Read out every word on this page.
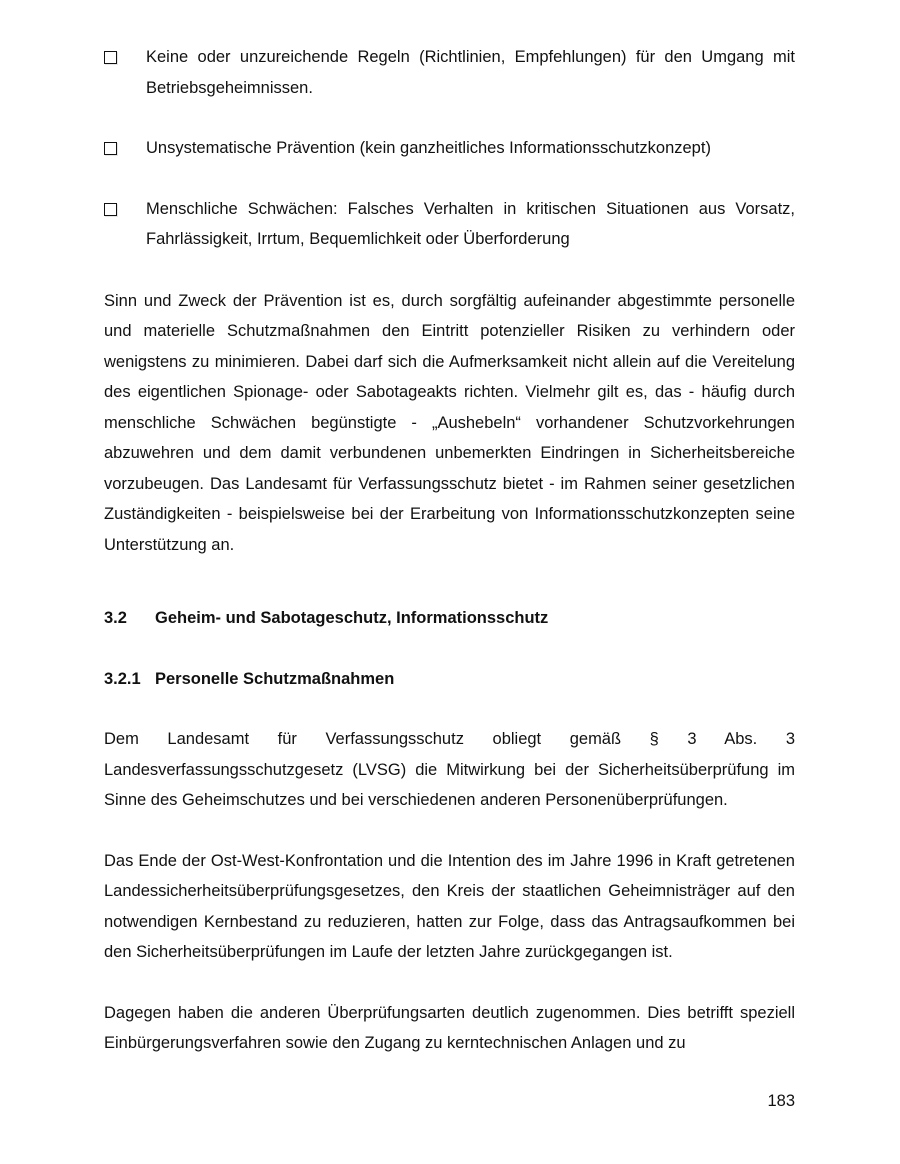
Keine oder unzureichende Regeln (Richtlinien, Empfehlungen) für den Umgang mit Betriebsgeheimnissen.
Unsystematische Prävention (kein ganzheitliches Informationsschutzkonzept)
Menschliche Schwächen: Falsches Verhalten in kritischen Situationen aus Vorsatz, Fahrlässigkeit, Irrtum, Bequemlichkeit oder Überforderung

Sinn und Zweck der Prävention ist es, durch sorgfältig aufeinander abgestimmte personelle und materielle Schutzmaßnahmen den Eintritt potenzieller Risiken zu verhindern oder wenigstens zu minimieren. Dabei darf sich die Aufmerksamkeit nicht allein auf die Vereitelung des eigentlichen Spionage- oder Sabotageakts richten. Vielmehr gilt es, das - häufig durch menschliche Schwächen begünstigte - „Aushebeln“ vorhandener Schutzvorkehrungen abzuwehren und dem damit verbundenen unbemerkten Eindringen in Sicherheitsbereiche vorzubeugen. Das Landesamt für Verfassungsschutz bietet - im Rahmen seiner gesetzlichen Zuständigkeiten - beispielsweise bei der Erarbeitung von Informationsschutzkonzepten seine Unterstützung an.

3.2	Geheim- und Sabotageschutz, Informationsschutz
3.2.1 Personelle Schutzmaßnahmen

Dem Landesamt für Verfassungsschutz obliegt gemäß § 3 Abs. 3 Landesverfassungsschutzgesetz (LVSG) die Mitwirkung bei der Sicherheitsüberprüfung im Sinne des Geheimschutzes und bei verschiedenen anderen Personenüberprüfungen.

Das Ende der Ost-West-Konfrontation und die Intention des im Jahre 1996 in Kraft getretenen Landessicherheitsüberprüfungsgesetzes, den Kreis der staatlichen Geheimnisträger auf den notwendigen Kernbestand zu reduzieren, hatten zur Folge, dass das Antragsaufkommen bei den Sicherheitsüberprüfungen im Laufe der letzten Jahre zurückgegangen ist.

Dagegen haben die anderen Überprüfungsarten deutlich zugenommen. Dies betrifft speziell Einbürgerungsverfahren sowie den Zugang zu kerntechnischen Anlagen und zu

183
